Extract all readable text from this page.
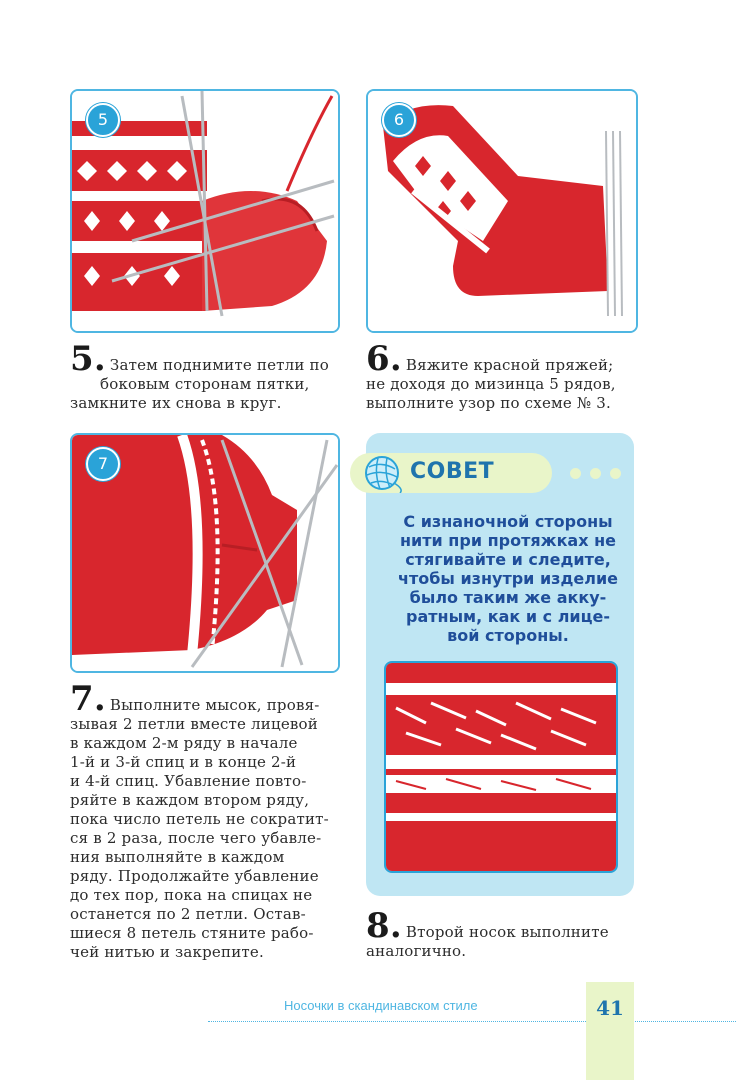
5	6

5. Затем поднимите петли по

боковым сторонам пятки,

замкните их снова в круг.

6. Вяжите красной пряжей;

не доходя до мизинца 5 рядов,

выполните узор по схеме № 3.

7

7. Выполните мысок, провя-

зывая 2 петли вместе лицевой

в каждом 2-м ряду в начале

1-й и 3-й спиц и в конце 2-й

и 4-й спиц. Убавление повто-

ряйте в каждом втором ряду,

пока число петель не сократит-

ся в 2 раза, после чего убавле-

ния выполняйте в каждом

ряду. Продолжайте убавление

до тех пор, пока на спицах не

останется по 2 петли. Остав-

шиеся 8 петель стяните рабо-

чей нитью и закрепите.

СОВЕТ

С изнаночной стороны

нити при протяжках не

стягивайте и следите,

чтобы изнутри изделие

было таким же акку-

ратным, как и с лице-

вой стороны.

8. Второй носок выполните

аналогично.

Носочки в скандинавском стиле	41
